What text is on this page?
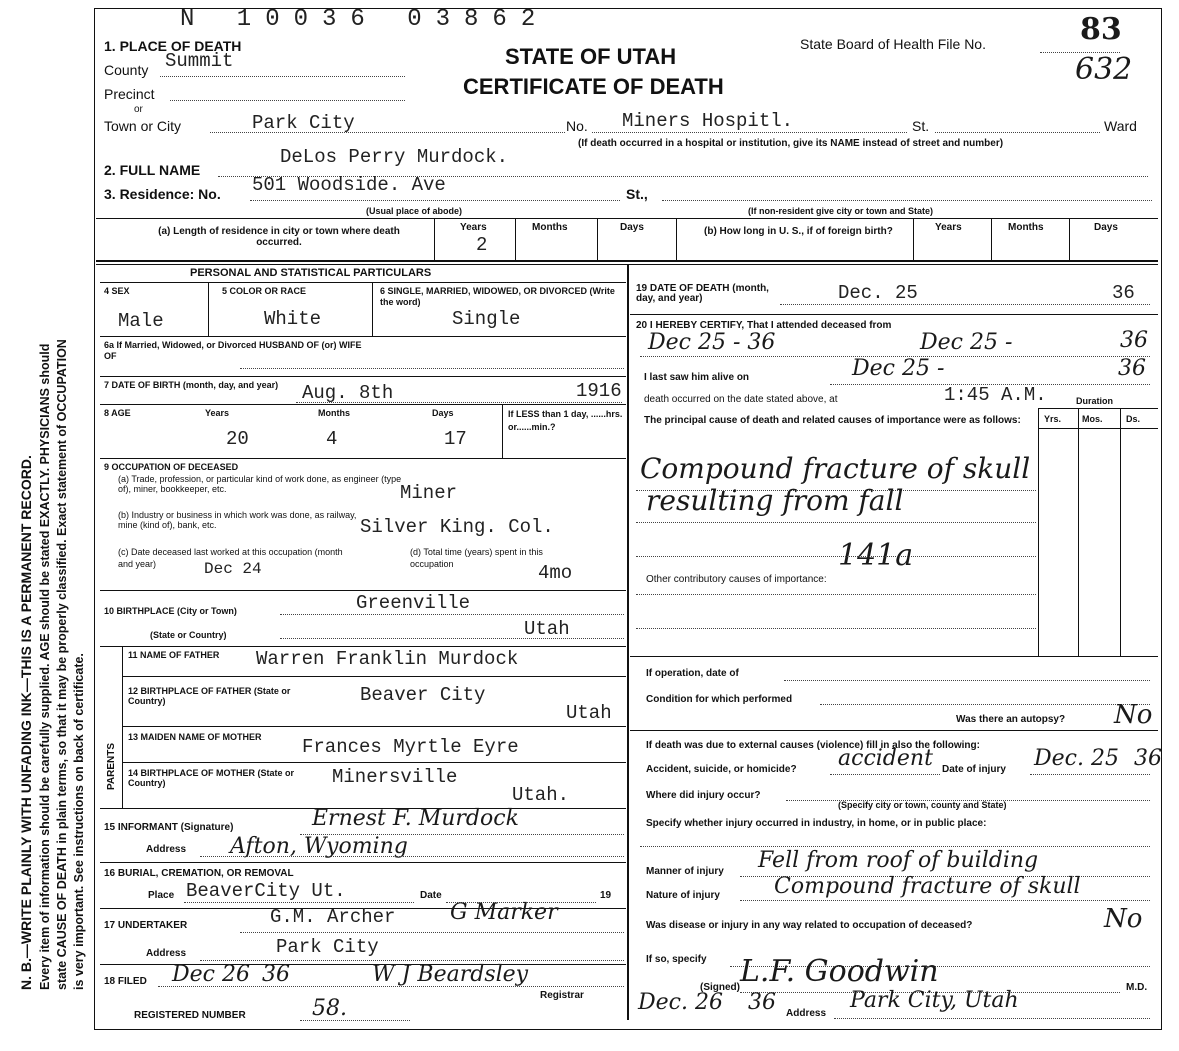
N. B.—WRITE PLAINLY WITH UNFADING INK—THIS IS A PERMANENT RECORD. Every item of information should be carefully supplied. AGE should be stated EXACTLY. PHYSICIANS should state CAUSE OF DEATH in plain terms, so that it may be properly classified. Exact statement of OCCUPATION is very important. See instructions on back of certificate.
N 10036 03862
STATE OF UTAH
CERTIFICATE OF DEATH
State Board of Health File No.	83
632
1. PLACE OF DEATH
County Summit
Precinct
or
Town or City	Park City	No. Miners Hospitl.	St.	Ward
(If death occurred in a hospital or institution, give its NAME instead of street and number)
2. FULL NAME
DeLos Perry Murdock.
3. Residence: No. 501 Woodside. Ave	St.,
(Usual place of abode)	(If non-resident give city or town and State)
(a) Length of residence in city or town where death occurred.
Years	Months	Days
2
(b) How long in U. S., if of foreign birth?	Years	Months	Days
PERSONAL AND STATISTICAL PARTICULARS
4 SEX
Male
5 COLOR OR RACE
White
6 SINGLE, MARRIED, WIDOWED, OR DIVORCED (Write the word)
Single
6a If Married, Widowed, or Divorced HUSBAND OF (or) WIFE OF
7 DATE OF BIRTH (month, day, and year)	Aug. 8th	1916
8 AGE	Years	Months	Days
20	4	17
If LESS than 1 day, ......hrs. or......min.?
9 OCCUPATION OF DECEASED
(a) Trade, profession, or particular kind of work done, as engineer (type of), miner, bookkeeper, etc.	Miner
(b) Industry or business in which work was done, as railway, mine (kind of), bank, etc.	Silver King. Col.
(c) Date deceased last worked at this occupation (month and year)	Dec 24
(d) Total time (years) spent in this occupation	4mo
10 BIRTHPLACE (City or Town)	Greenville
(State or Country)	Utah
PARENTS
11 NAME OF FATHER	Warren Franklin Murdock
12 BIRTHPLACE OF FATHER (State or Country)	Beaver City
Utah
13 MAIDEN NAME OF MOTHER	Frances Myrtle Eyre
14 BIRTHPLACE OF MOTHER (State or Country)	Minersville
Utah.
15 INFORMANT (Signature)	Ernest F. Murdock
Address Afton, Wyoming
16 BURIAL, CREMATION, OR REMOVAL
Place BeaverCity Ut.	Date	19
17 UNDERTAKER	G.M. Archer G Marker
Address	Park City
18 FILED Dec 26 36	W J Beardsley
Registrar
REGISTERED NUMBER	58.
19 DATE OF DEATH (month, day, and year)	Dec. 25	36
20 I HEREBY CERTIFY, That I attended deceased from
Dec 25 - 36	Dec 25 -	36
I last saw him alive on	Dec 25 -	36
death occurred on the date stated above, at	1:45 A.M.	Duration
The principal cause of death and related causes of importance were as follows:	Yrs. Mos.	Ds.
Compound fracture of skull
resulting from fall
141a
Other contributory causes of importance:
If operation, date of
Condition for which performed
Was there an autopsy? No
If death was due to external causes (violence) fill in also the following:
Accident, suicide, or homicide? accident Date of injury Dec. 25 36
Where did injury occur?
(Specify city or town, county and State)
Specify whether injury occurred in industry, in home, or in public place:
Manner of injury Fell from roof of building
Nature of injury Compound fracture of skull
Was disease or injury in any way related to occupation of deceased?	No
If so, specify
(Signed) L.F. Goodwin	M.D.
Dec. 26 36 Address
Park City, Utah
